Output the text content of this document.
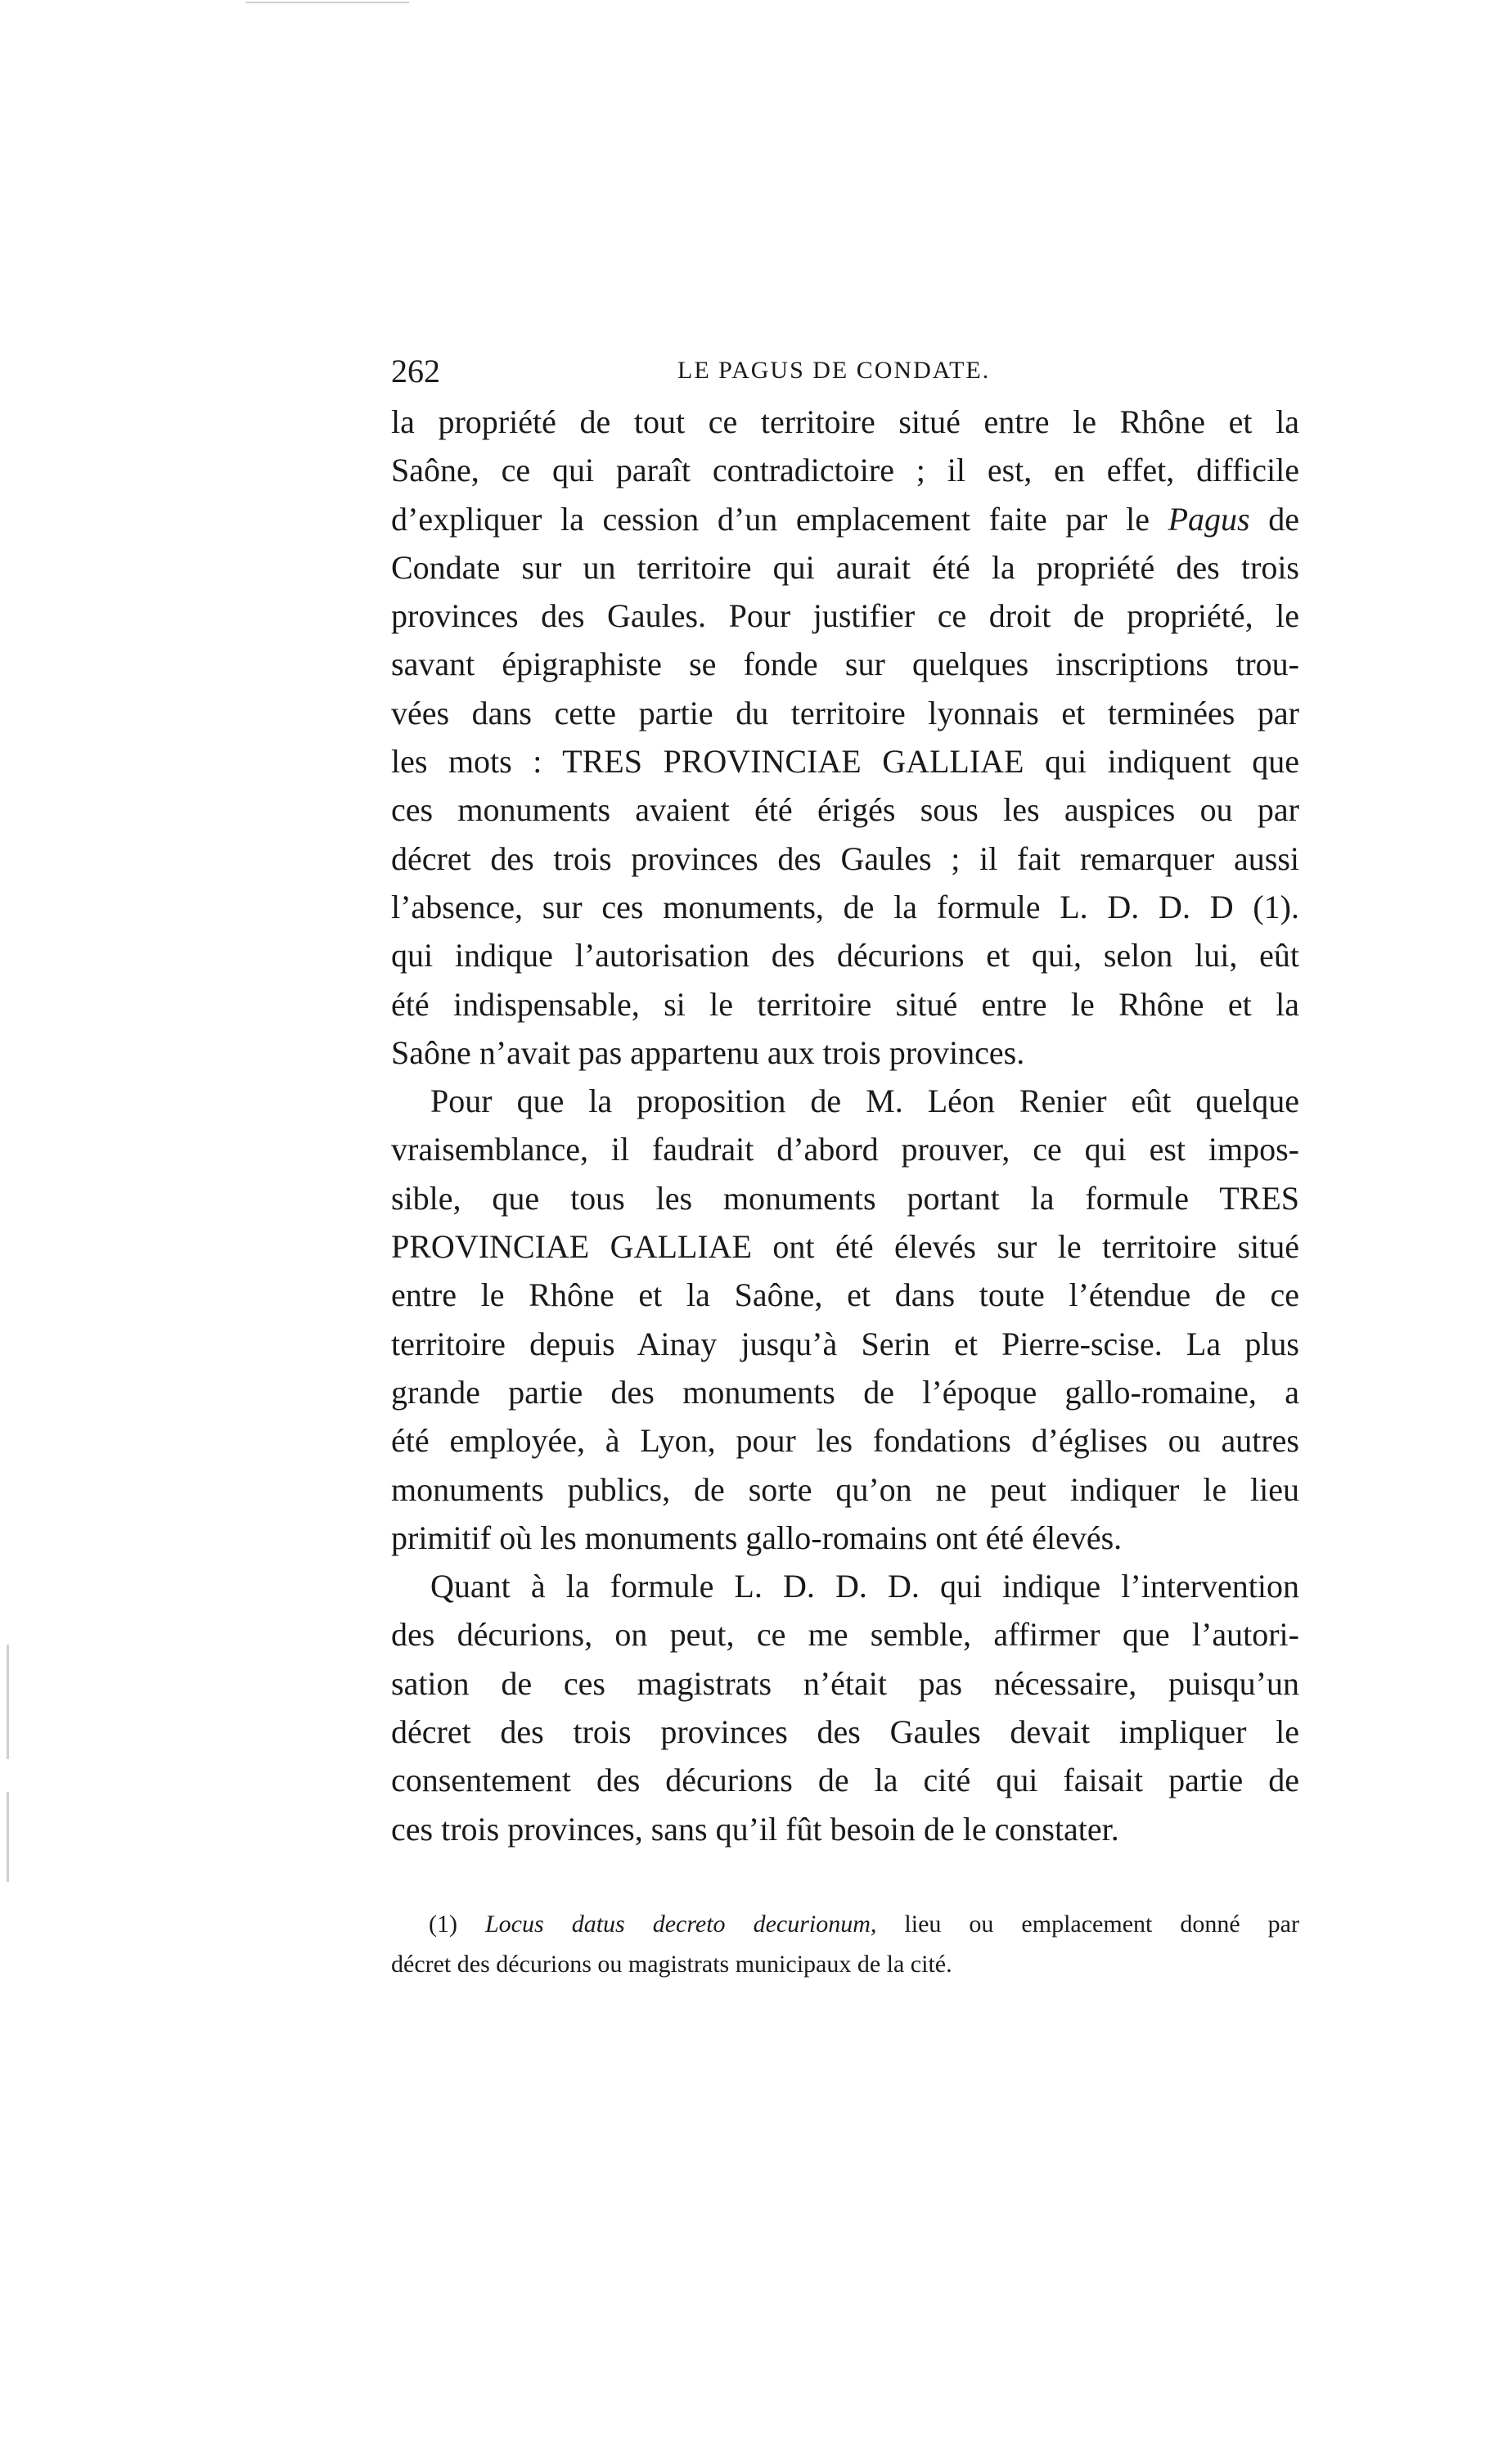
262	LE PAGUS DE CONDATE.
la propriété de tout ce territoire situé entre le Rhône et la
Saône, ce qui paraît contradictoire ; il est, en effet, difficile
d’expliquer la cession d’un emplacement faite par le Pagus de
Condate sur un territoire qui aurait été la propriété des trois
provinces des Gaules. Pour justifier ce droit de propriété, le
savant épigraphiste se fonde sur quelques inscriptions trou-
vées dans cette partie du territoire lyonnais et terminées par
les mots : TRES PROVINCIAE GALLIAE qui indiquent que
ces monuments avaient été érigés sous les auspices ou par
décret des trois provinces des Gaules ; il fait remarquer aussi
l’absence, sur ces monuments, de la formule L. D. D. D (1).
qui indique l’autorisation des décurions et qui, selon lui, eût
été indispensable, si le territoire situé entre le Rhône et la
Saône n’avait pas appartenu aux trois provinces.
Pour que la proposition de M. Léon Renier eût quelque
vraisemblance, il faudrait d’abord prouver, ce qui est impos-
sible, que tous les monuments portant la formule TRES
PROVINCIAE GALLIAE ont été élevés sur le territoire situé
entre le Rhône et la Saône, et dans toute l’étendue de ce
territoire depuis Ainay jusqu’à Serin et Pierre-scise. La plus
grande partie des monuments de l’époque gallo-romaine, a
été employée, à Lyon, pour les fondations d’églises ou autres
monuments publics, de sorte qu’on ne peut indiquer le lieu
primitif où les monuments gallo-romains ont été élevés.
Quant à la formule L. D. D. D. qui indique l’intervention
des décurions, on peut, ce me semble, affirmer que l’autori-
sation de ces magistrats n’était pas nécessaire, puisqu’un
décret des trois provinces des Gaules devait impliquer le
consentement des décurions de la cité qui faisait partie de
ces trois provinces, sans qu’il fût besoin de le constater.
(1) Locus datus decreto decurionum, lieu ou emplacement donné par
décret des décurions ou magistrats municipaux de la cité.
